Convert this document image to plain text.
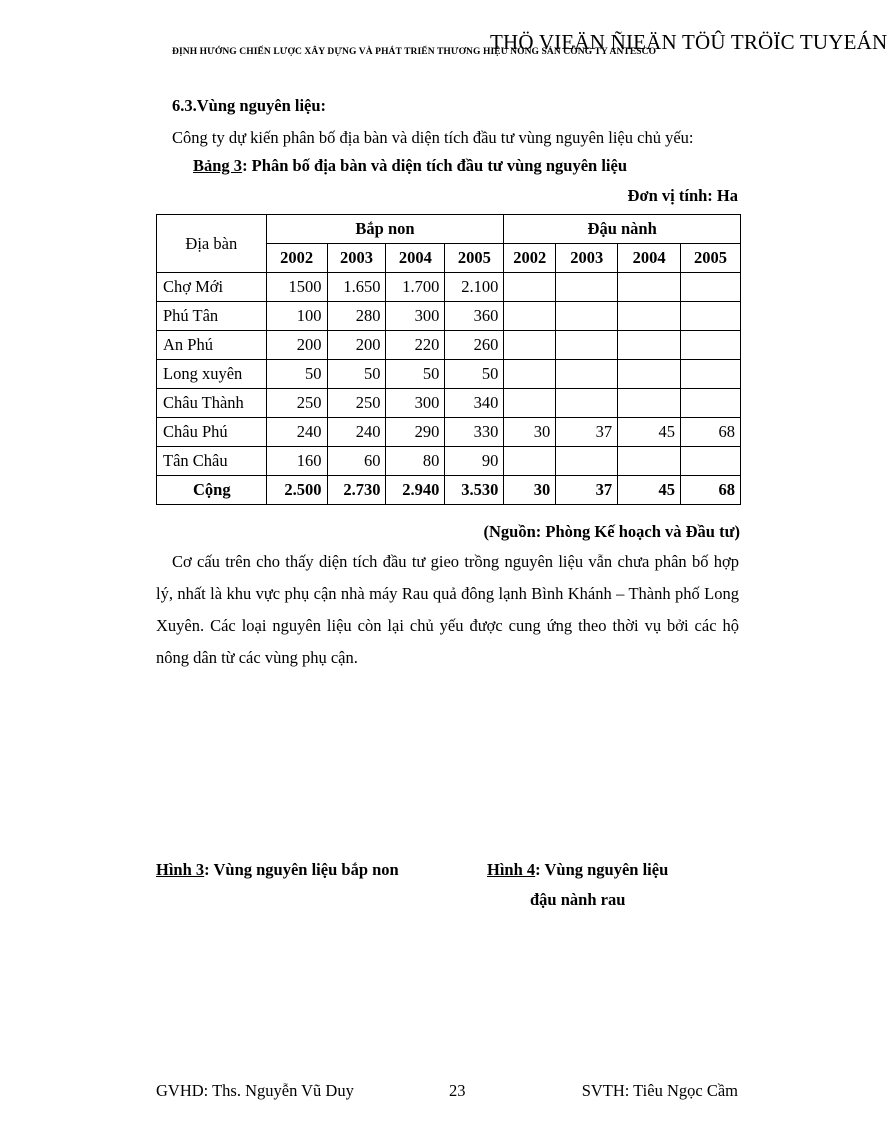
THÖ VIEÄN ÑIEÄN TÖÛ TRÖÏC TUYEÁN
ĐỊNH HƯỚNG CHIẾN LƯỢC XÂY DỰNG VÀ PHÁT TRIỂN THƯƠNG HIỆU NÔNG SẢN CÔNG TY ANTESCO
6.3.Vùng nguyên liệu:
Công ty dự kiến phân bố địa bàn và diện tích đầu tư vùng nguyên liệu chủ yếu:
Bảng 3: Phân bố địa bàn và diện tích đầu tư vùng nguyên liệu
Đơn vị tính: Ha
Địa bàn	Bắp non				Đậu nành			
	2002	2003	2004	2005	2002	2003	2004	2005
Chợ Mới	1500	1.650	1.700	2.100				
Phú Tân	100	280	300	360				
An Phú	200	200	220	260				
Long xuyên	50	50	50	50				
Châu Thành	250	250	300	340				
Châu Phú	240	240	290	330	30	37	45	68
Tân Châu	160	60	80	90				
Cộng	2.500	2.730	2.940	3.530	30	37	45	68
(Nguồn: Phòng Kế hoạch và Đầu tư)
Cơ cấu trên cho thấy diện tích đầu tư gieo trồng nguyên liệu vẫn chưa phân bố hợp lý, nhất là khu vực phụ cận nhà máy Rau quả đông lạnh Bình Khánh – Thành phố Long Xuyên. Các loại nguyên liệu còn lại chủ yếu được cung ứng theo thời vụ bởi các hộ nông dân từ các vùng phụ cận.
Hình 3: Vùng nguyên liệu bắp non	Hình 4: Vùng nguyên liệu
đậu nành rau
GVHD: Ths. Nguyễn Vũ Duy	23	SVTH: Tiêu Ngọc Cầm
